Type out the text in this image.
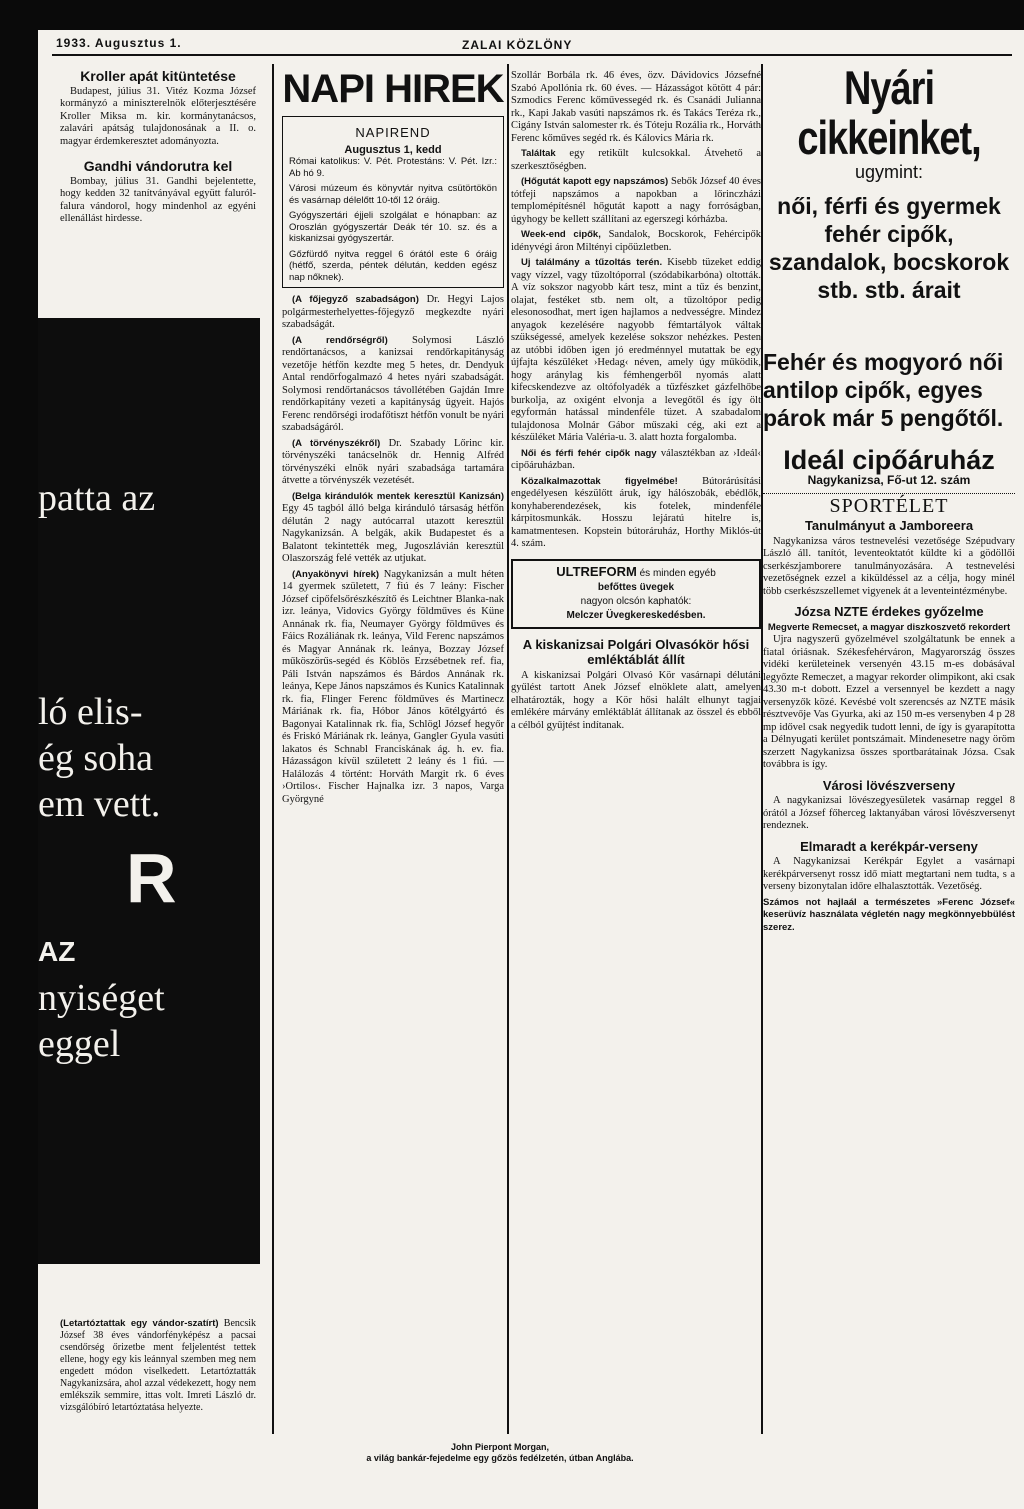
1933. Augusztus 1.	ZALAI KÖZLÖNY
Kroller apát kitüntetése

Budapest, július 31. Vitéz Kozma József kormányzó a miniszterelnök előterjesztésére Kroller Miksa m. kir. kormánytanácsos, zalavári apátság tulajdonosának a II. o. magyar érdemkeresztet adományozta.

Gandhi vándorutra kel

Bombay, július 31. Gandhi bejelentette, hogy kedden 32 tanítványával együtt faluról-falura vándorol, hogy mindenhol az egyéni ellenállást hirdesse.

patta az
ló elis-
ég soha
em vett.
R
AZ
nyiséget
eggel
(Letartóztattak egy vándor-szatírt) Bencsik József 38 éves vándorfényképész a pacsai csendőrség őrizetbe ment feljelentést tettek ellene, hogy egy kis leánnyal szemben meg nem engedett módon viselkedett. Letartóztatták Nagykanizsára, ahol azzal védekezett, hogy nem emlékszik semmire, ittas volt. Imreti László dr. vizsgálóbíró letartóztatása helyezte.
NAPI HIREK
NAPIREND
Augusztus 1, kedd
Római katolikus: V. Pét. Protestáns: V. Pét. Izr.: Ab hó 9.
Városi múzeum és könyvtár nyitva csütörtökön és vasárnap délelőtt 10-től 12 óráig.
Gyógyszertári éjjeli szolgálat e hónapban: az Oroszlán gyógyszertár Deák tér 10. sz. és a kiskanizsai gyógyszertár.
Gőzfürdő nyitva reggel 6 órától este 6 óráig (hétfő, szerda, péntek délután, kedden egész nap nőknek).

(A főjegyző szabadságon) Dr. Hegyi Lajos polgármesterhelyettes-főjegyző megkezdte nyári szabadságát.

(A rendőrségről) Solymosi László rendőrtanácsos, a kanizsai rendőrkapitányság vezetője hétfőn kezdte meg 5 hetes, dr. Dendyuk Antal rendőrfogalmazó 4 hetes nyári szabadságát. Solymosi rendőrtanácsos távollétében Gajdán Imre rendőrkapitány vezeti a kapitányság ügyeit. Hajós Ferenc rendőrségi irodafőtiszt hétfőn vonult be nyári szabadságáról.

(A törvényszékről) Dr. Szabady Lőrinc kir. törvényszéki tanácselnök dr. Hennig Alfréd törvényszéki elnök nyári szabadsága tartamára átvette a törvényszék vezetését.

(Belga kirándulók mentek keresztül Kanizsán) Egy 45 tagból álló belga kiránduló társaság hétfőn délután 2 nagy autócarral utazott keresztül Nagykanizsán. A belgák, akik Budapestet és a Balatont tekintették meg, Jugoszlávián keresztül Olaszország felé vették az utjukat.

(Anyakönyvi hírek) Nagykanizsán a mult héten 14 gyermek született, 7 fiú és 7 leány: Fischer József cipőfelsőrészkészítő és Leichtner Blanka-nak izr. leánya, Vidovics György földműves és Küne Annának rk. fia, Neumayer György földműves és Fáics Rozáliának rk. leánya, Vild Ferenc napszámos és Magyar Annának rk. leánya, Bozzay József műköszörűs-segéd és Köblös Erzsébetnek ref. fia, Páli István napszámos és Bárdos Annának rk. leánya, Kepe János napszámos és Kunics Katalinnak rk. fia, Flinger Ferenc földműves és Martinecz Máriának rk. fia, Hóbor János kötélgyártó és Bagonyai Katalinnak rk. fia, Schlögl József hegyőr és Friskó Máriának rk. leánya, Gangler Gyula vasúti lakatos és Schnabl Franciskának ág. h. ev. fia. Házasságon kívül született 2 leány és 1 fiú. — Halálozás 4 történt: Horváth Margit rk. 6 éves ›Ortilos‹. Fischer Hajnalka izr. 3 napos, Varga Györgyné

Szollár Borbála rk. 46 éves, özv. Dávidovics Józsefné Szabó Apollónia rk. 60 éves. — Házasságot kötött 4 pár: Szmodics Ferenc kőművessegéd rk. és Csanádi Julianna rk., Kapi Jakab vasúti napszámos rk. és Takács Teréza rk., Cigány István salomester rk. és Tóteju Rozália rk., Horváth Ferenc kőműves segéd rk. és Kálovics Mária rk.

Találtak egy retikült kulcsokkal. Átvehető a szerkesztőségben.

(Hőgutát kapott egy napszámos) Sebők József 40 éves tótfeji napszámos a napokban a lőrinczházi templomépítésnél hőgutát kapott a nagy forróságban, úgyhogy be kellett szállítani az egerszegi kórházba.

Week-end cipők, Sandalok, Bocskorok, Fehércipők idényvégi áron Miltényi cipőüzletben.

Uj találmány a tűzoltás terén. Kisebb tüzeket eddig vagy vízzel, vagy tűzoltóporral (szódabikarbóna) oltották. A víz sokszor nagyobb kárt tesz, mint a tűz és benzint, olajat, festéket stb. nem olt, a tűzoltópor pedig elesonosodhat, mert igen hajlamos a nedvességre. Mindez anyagok kezelésére nagyobb fémtartályok váltak szükségessé, amelyek kezelése sokszor nehézkes. Pesten az utóbbi időben igen jó eredménnyel mutattak be egy újfajta készüléket ›Hedag‹ néven, amely úgy működik, hogy aránylag kis fémhengerből nyomás alatt kifecskendezve az oltófolyadék a tűzfészket gázfelhőbe burkolja, az oxigént elvonja a levegőtől és így ölt egyformán hatással mindenféle tüzet. A szabadalom tulajdonosa Molnár Gábor műszaki cég, aki ezt a készüléket Mária Valéria-u. 3. alatt hozta forgalomba.

Női és férfi fehér cipők nagy választékban az ›Ideál‹ cipőáruházban.

Közalkalmazottak figyelmébe! Bútorárúsítási engedélyesen készülőtt áruk, így hálószobák, ebédlők, konyhaberendezések, kis fotelek, mindenféle kárpitosmunkák. Hosszu lejáratú hitelre is, kamatmentesen. Kopstein bútoráruház, Horthy Miklós-út 4. szám.

ULTREFORM és minden egyéb
befőttes üvegek
nagyon olcsón kaphatók:
Melczer Üvegkereskedésben.
A kiskanizsai Polgári Olvasókör hősi emléktáblát állít

A kiskanizsai Polgári Olvasó Kör vasárnapi délutáni gyűlést tartott Anek József elnöklete alatt, amelyen elhatározták, hogy a Kör hősi halált elhunyt tagjai emlékére márvány emléktáblát állítanak az összel és ebből a célból gyűjtést indítanak.

Nyári cikkeinket,
ugymint:
női, férfi és gyermek fehér cipők, szandalok, bocskorok stb. stb. árait
Fehér és mogyoró női antilop cipők, egyes párok már 5 pengőtől.
Ideál cipőáruház
Nagykanizsa, Fő-ut 12. szám
SPORTÉLET
Tanulmányut a Jamboreera

Nagykanizsa város testnevelési vezetősége Szépudvary László áll. tanítót, leventeoktatót küldte ki a gödöllői cserkészjamborere tanulmányozására. A testnevelési vezetőségnek ezzel a kiküldéssel az a célja, hogy minél több cserkészszellemet vigyenek át a leventeintézménybe.

Józsa NZTE érdekes győzelme
Megverte Remecset, a magyar diszkoszvető rekordert

Ujra nagyszerű győzelmével szolgáltatunk be ennek a fiatal óriásnak. Székesfehérváron, Magyarország összes vidéki kerületeinek versenyén 43.15 m-es dobásával legyőzte Remeczet, a magyar rekorder olimpikont, aki csak 43.30 m-t dobott. Ezzel a versennyel be kezdett a nagy versenyzők közé. Kevésbé volt szerencsés az NZTE másik résztvevője Vas Gyurka, aki az 150 m-es versenyben 4 p 28 mp idővel csak negyedik tudott lenni, de így is gyarapította a Délnyugati kerület pontszámait. Mindenesetre nagy öröm szerzett Nagykanizsa összes sportbarátainak Józsa. Csak továbbra is így.

Városi lövészverseny

A nagykanizsai lövészegyesületek vasárnap reggel 8 órától a József főherceg laktanyában városi lövészversenyt rendeznek.

Elmaradt a kerékpár-verseny

A Nagykanizsai Kerékpár Egylet a vasárnapi kerékpárversenyt rossz idő miatt megtartani nem tudta, s a verseny bizonytalan időre elhalasztották. Vezetőség.

Számos not hajlaál a természetes »Ferenc József« keserüvíz használata végletén nagy megkönnyebbülést szerez.

John Pierpont Morgan,
a világ bankár-fejedelme egy gőzös fedélzetén, útban Anglába.
